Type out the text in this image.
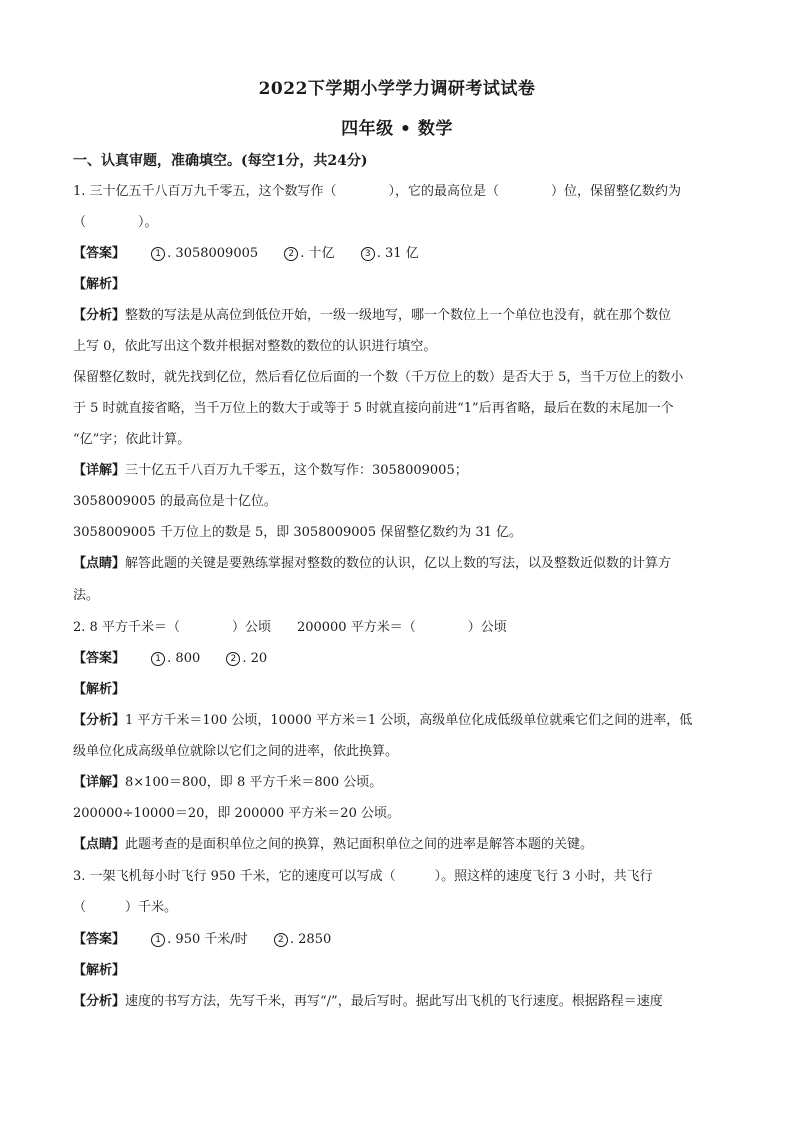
2022下学期小学学力调研考试试卷
四年级 • 数学
一、认真审题，准确填空。(每空1分，共24分)
1. 三十亿五千八百万九千零五，这个数写作（　　　　），它的最高位是（　　　　）位，保留整亿数约为
（　　　　）。
【答案】	1 . 3058009005	2 . 十亿	3 . 31 亿
【解析】
【分析】整数的写法是从高位到低位开始，一级一级地写，哪一个数位上一个单位也没有，就在那个数位
上写 0，依此写出这个数并根据对整数的数位的认识进行填空。
保留整亿数时，就先找到亿位，然后看亿位后面的一个数（千万位上的数）是否大于 5，当千万位上的数小
于 5 时就直接省略，当千万位上的数大于或等于 5 时就直接向前进“1”后再省略，最后在数的末尾加一个
“亿”字；依此计算。
【详解】三十亿五千八百万九千零五，这个数写作：3058009005；
3058009005 的最高位是十亿位。
3058009005 千万位上的数是 5，即 3058009005 保留整亿数约为 31 亿。
【点睛】解答此题的关键是要熟练掌握对整数的数位的认识，亿以上数的写法，以及整数近似数的计算方
法。
2. 8 平方千米＝（　　　　）公顷　　200000 平方米＝（　　　　）公顷
【答案】	1 . 800	2 . 20
【解析】
【分析】1 平方千米＝100 公顷，10000 平方米＝1 公顷，高级单位化成低级单位就乘它们之间的进率，低
级单位化成高级单位就除以它们之间的进率，依此换算。
【详解】8×100＝800，即 8 平方千米＝800 公顷。
200000÷10000＝20，即 200000 平方米＝20 公顷。
【点睛】此题考查的是面积单位之间的换算，熟记面积单位之间的进率是解答本题的关键。
3. 一架飞机每小时飞行 950 千米，它的速度可以写成（　　　）。照这样的速度飞行 3 小时，共飞行
（　　　）千米。
【答案】	1 . 950 千米/时	2 . 2850
【解析】
【分析】速度的书写方法，先写千米，再写“/”，最后写时。据此写出飞机的飞行速度。根据路程＝速度
